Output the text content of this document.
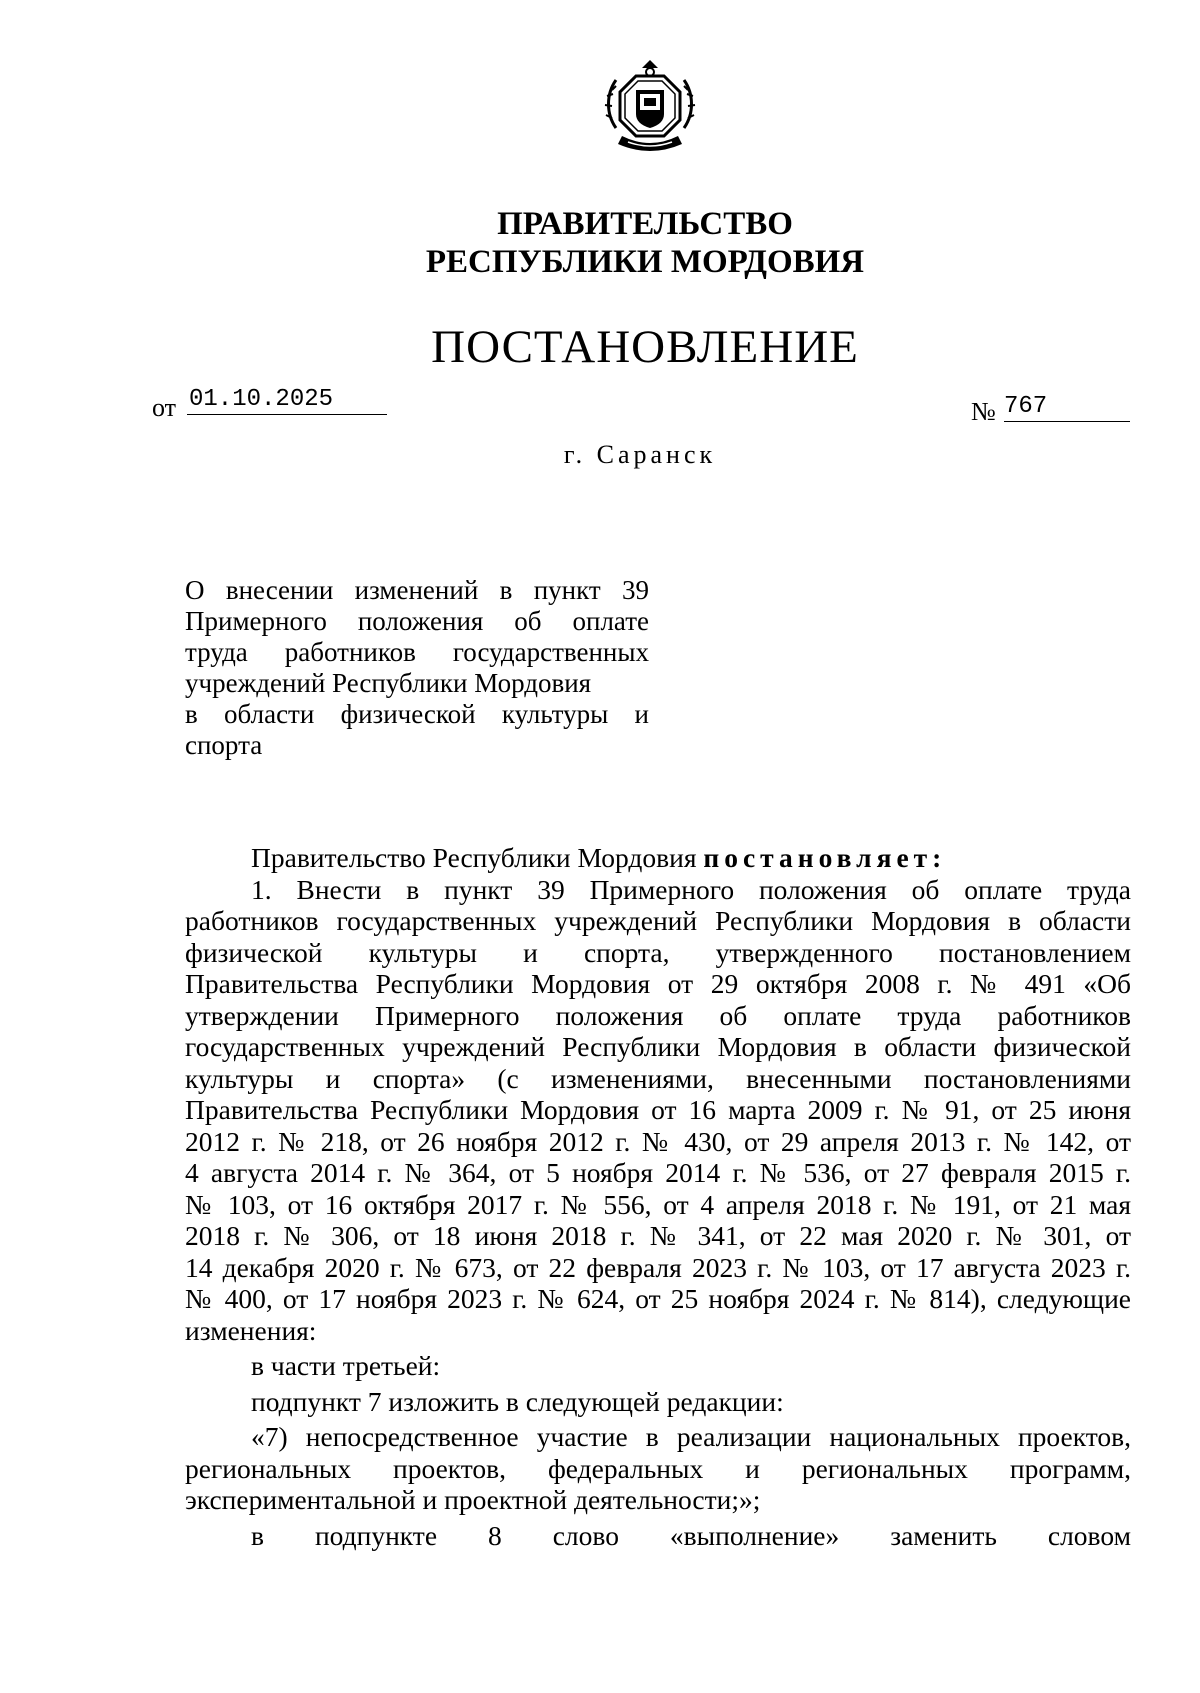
ПРАВИТЕЛЬСТВО
РЕСПУБЛИКИ МОРДОВИЯ
ПОСТАНОВЛЕНИЕ
от 01.10.2025	№ 767
г. Саранск
О внесении изменений в пункт 39
Примерного положения об оплате
труда работников государственных
учреждений Республики Мордовия
в области физической культуры и
спорта
Правительство Республики Мордовия постановляет:
1. Внести в пункт 39 Примерного положения об оплате труда
работников государственных учреждений Республики Мордовия в области
физической культуры и спорта, утвержденного постановлением
Правительства Республики Мордовия от 29 октября 2008 г. № 491 «Об
утверждении Примерного положения об оплате труда работников
государственных учреждений Республики Мордовия в области физической
культуры и спорта» (с изменениями, внесенными постановлениями
Правительства Республики Мордовия от 16 марта 2009 г. № 91, от 25 июня
2012 г. № 218, от 26 ноября 2012 г. № 430, от 29 апреля 2013 г. № 142, от
4 августа 2014 г. № 364, от 5 ноября 2014 г. № 536, от 27 февраля 2015 г.
№ 103, от 16 октября 2017 г. № 556, от 4 апреля 2018 г. № 191, от 21 мая
2018 г. № 306, от 18 июня 2018 г. № 341, от 22 мая 2020 г. № 301, от
14 декабря 2020 г. № 673, от 22 февраля 2023 г. № 103, от 17 августа 2023 г.
№ 400, от 17 ноября 2023 г. № 624, от 25 ноября 2024 г. № 814), следующие
изменения:
в части третьей:
подпункт 7 изложить в следующей редакции:
«7) непосредственное участие в реализации национальных проектов,
региональных проектов, федеральных и региональных программ,
экспериментальной и проектной деятельности;»;
в подпункте 8 слово «выполнение» заменить словом
